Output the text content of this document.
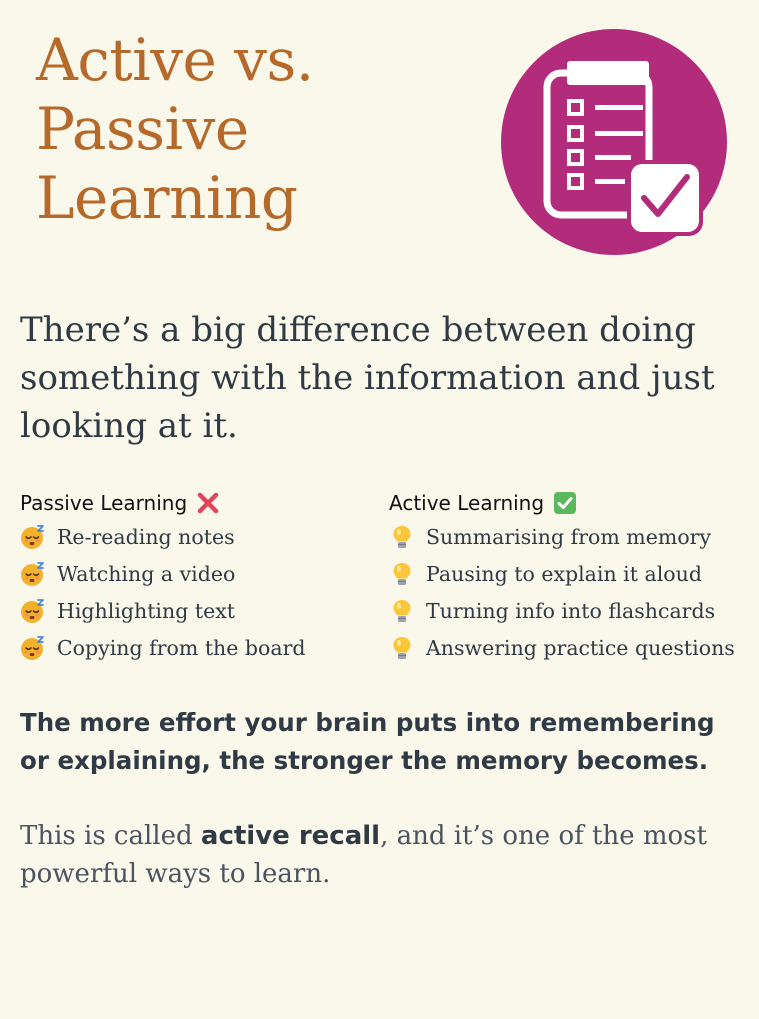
Active vs.
Passive
Learning

There’s a big difference between doing something with the information and just looking at it.

Passive Learning
Re-reading notes
Watching a video
Highlighting text
Copying from the board
Active Learning
Summarising from memory
Pausing to explain it aloud
Turning info into flashcards
Answering practice questions

The more effort your brain puts into remembering or explaining, the stronger the memory becomes.

This is called active recall, and it’s one of the most powerful ways to learn.
